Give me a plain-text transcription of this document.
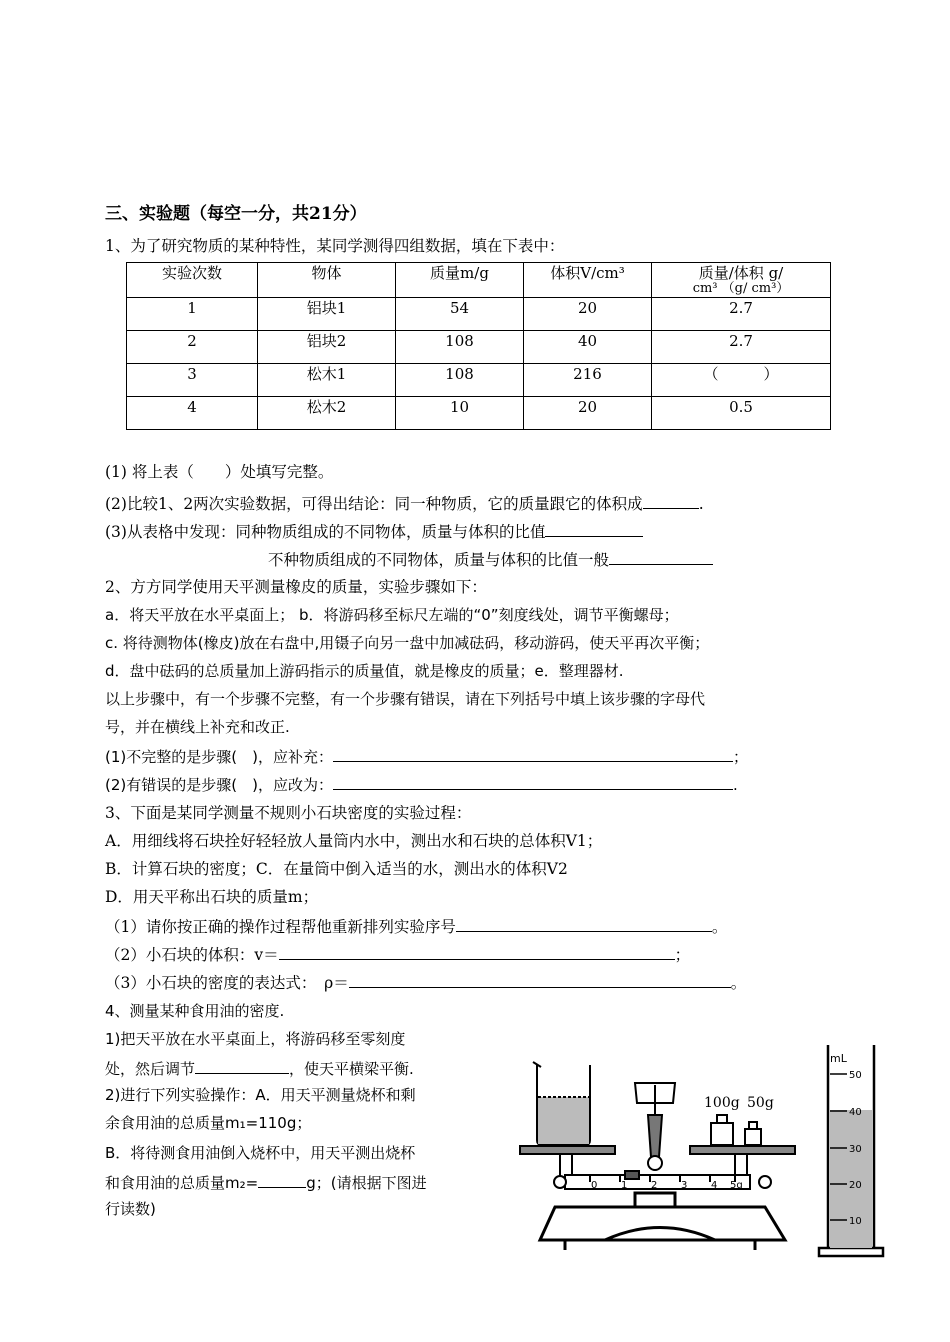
三、实验题（每空一分，共21分）
1、为了研究物质的某种特性，某同学测得四组数据，填在下表中：
实验次数	物体	质量m/g	体积V/cm³	质量/体积 g/
cm³ （g/ cm³）

1	铝块1	54	20	2.7
2	铝块2	108	40	2.7
3	松木1	108	216	（　　　）
4	松木2	10	20	0.5
(1) 将上表（　　）处填写完整。
(2)比较1、2两次实验数据，可得出结论：同一种物质，它的质量跟它的体积成	.
(3)从表格中发现：同种物质组成的不同物体，质量与体积的比值
不种物质组成的不同物体，质量与体积的比值一般
2、方方同学使用天平测量橡皮的质量，实验步骤如下：
a．将天平放在水平桌面上； b．将游码移至标尺左端的“0”刻度线处，调节平衡螺母；
c. 将待测物体(橡皮)放在右盘中,用镊子向另一盘中加减砝码，移动游码，使天平再次平衡；
d．盘中砝码的总质量加上游码指示的质量值，就是橡皮的质量；e．整理器材.
以上步骤中，有一个步骤不完整，有一个步骤有错误，请在下列括号中填上该步骤的字母代
号，并在横线上补充和改正.
(1)不完整的是步骤(　)，应补充：	；
(2)有错误的是步骤(　)，应改为：	.
3、下面是某同学测量不规则小石块密度的实验过程：
A．用细线将石块拴好轻轻放人量筒内水中，测出水和石块的总体积V1；
B．计算石块的密度；C．在量筒中倒入适当的水，测出水的体积V2
D．用天平称出石块的质量m；
（1）请你按正确的操作过程帮他重新排列实验序号	。
（2）小石块的体积：v＝	；
（3）小石块的密度的表达式：　ρ＝	。
4、测量某种食用油的密度.
1)把天平放在水平桌面上，将游码移至零刻度
处，然后调节	，使天平横梁平衡.
2)进行下列实验操作：A．用天平测量烧杯和剩
余食用油的总质量m₁=110g；
B．将待测食用油倒入烧杯中，用天平测出烧杯
和食用油的总质量m₂=	g；(请根据下图进
行读数)
100g 50g
0 1 2 3 4 5g
mL
50
40
30
20
10
